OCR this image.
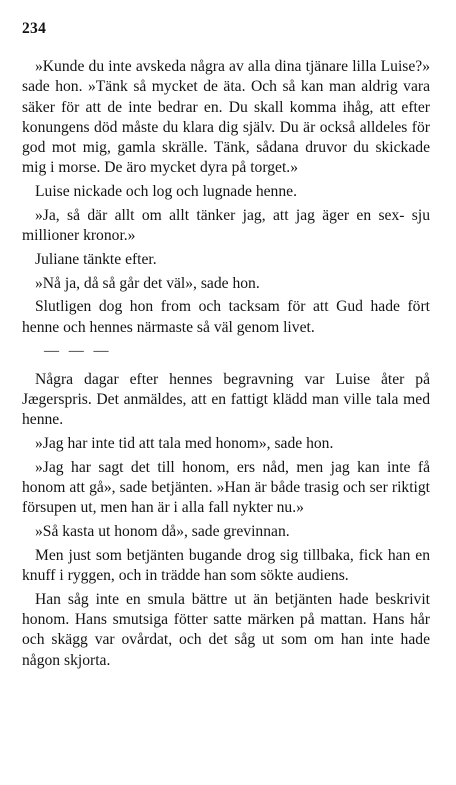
234

»Kunde du inte avskeda några av alla dina tjänare lilla Luise?» sade hon. »Tänk så mycket de äta. Och så kan man aldrig vara säker för att de inte bedrar en. Du skall komma ihåg, att efter konungens död måste du klara dig själv. Du är också alldeles för god mot mig, gamla skrälle. Tänk, sådana druvor du skickade mig i morse. De äro mycket dyra på torget.»

Luise nickade och log och lugnade henne.

»Ja, så där allt om allt tänker jag, att jag äger en sex- sju millioner kronor.»

Juliane tänkte efter.

»Nå ja, då så går det väl», sade hon.

Slutligen dog hon from och tacksam för att Gud hade fört henne och hennes närmaste så väl genom livet.

— — —

Några dagar efter hennes begravning var Luise åter på Jægerspris. Det anmäldes, att en fattigt klädd man ville tala med henne.

»Jag har inte tid att tala med honom», sade hon.

»Jag har sagt det till honom, ers nåd, men jag kan inte få honom att gå», sade betjänten. »Han är både trasig och ser riktigt försupen ut, men han är i alla fall nykter nu.»

»Så kasta ut honom då», sade grevinnan.

Men just som betjänten bugande drog sig tillbaka, fick han en knuff i ryggen, och in trädde han som sökte audiens.

Han såg inte en smula bättre ut än betjänten hade beskrivit honom. Hans smutsiga fötter satte märken på mattan. Hans hår och skägg var ovårdat, och det såg ut som om han inte hade någon skjorta.
